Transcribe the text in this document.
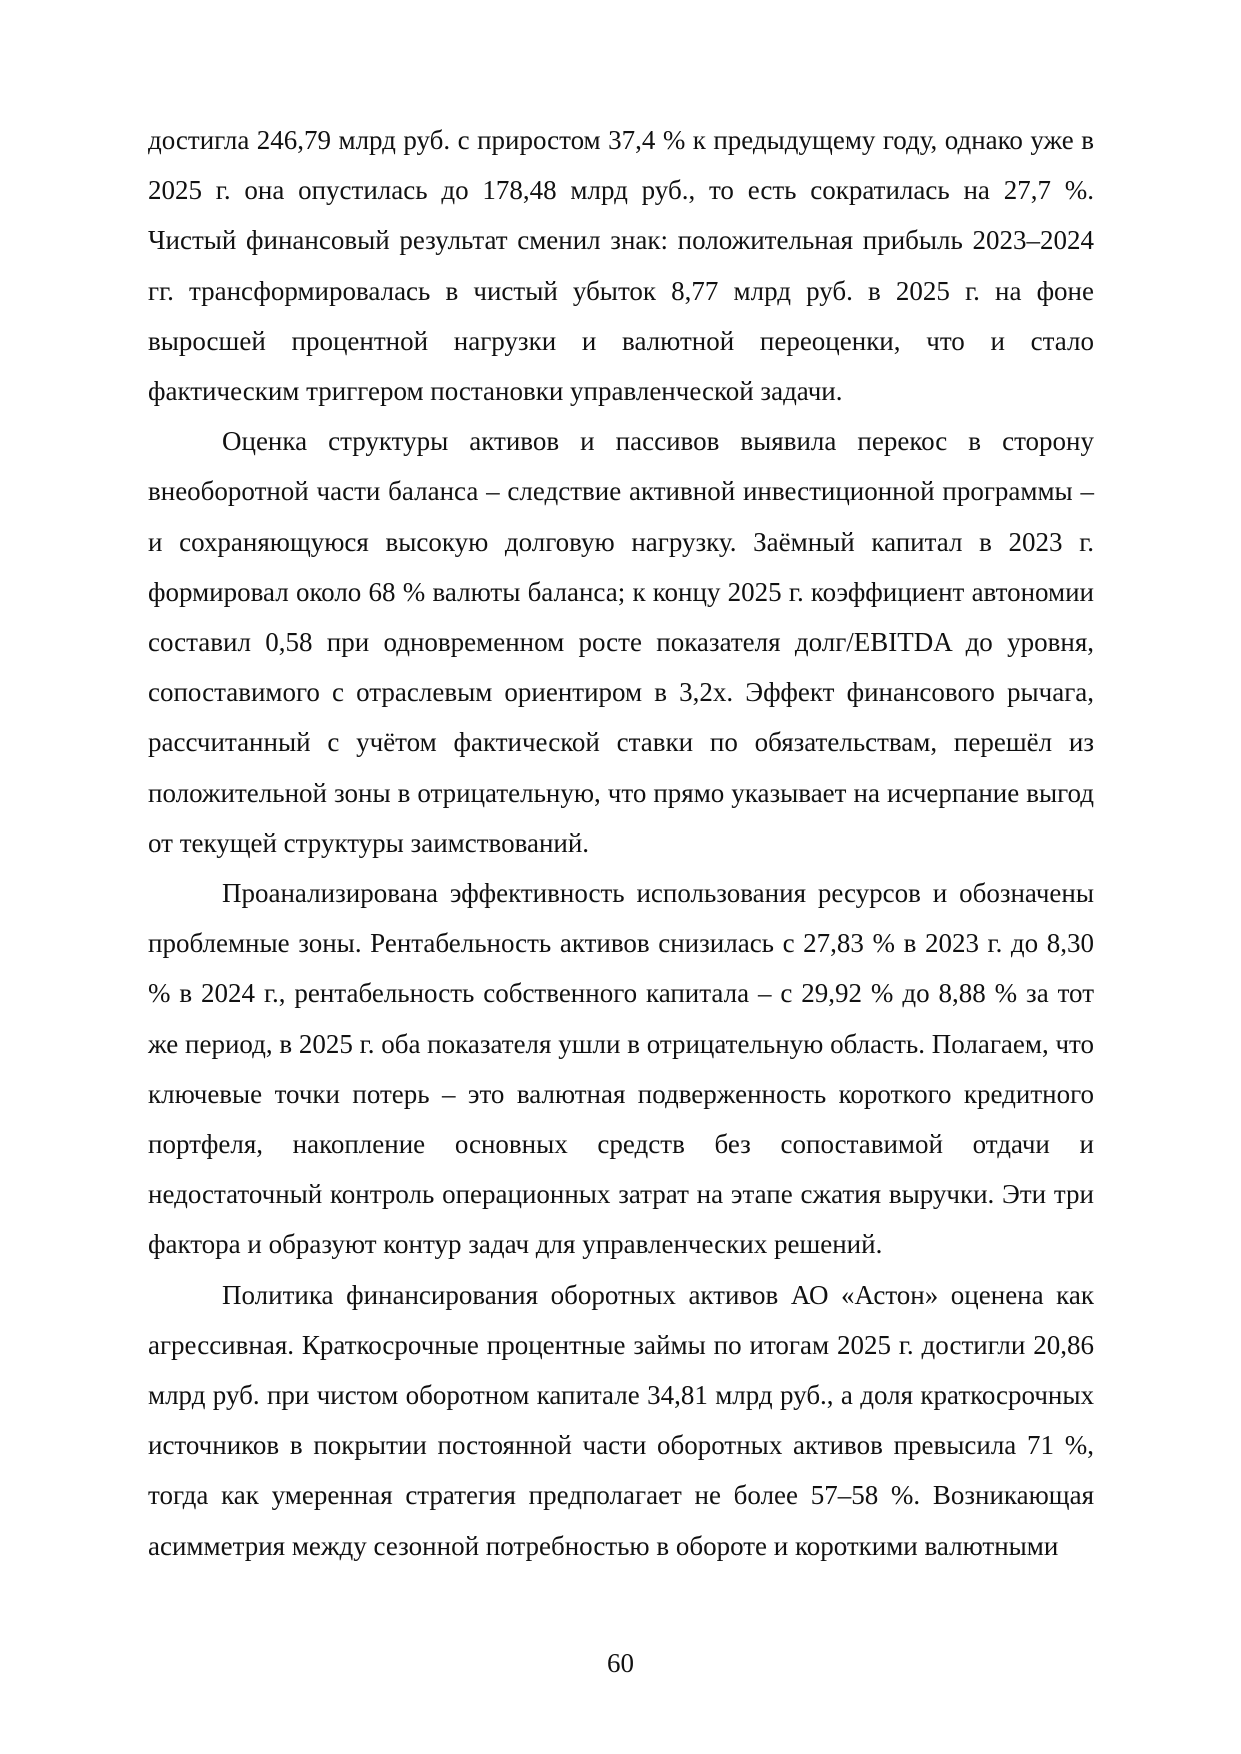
достигла 246,79 млрд руб. с приростом 37,4 % к предыдущему году, однако уже в 2025 г. она опустилась до 178,48 млрд руб., то есть сократилась на 27,7 %. Чистый финансовый результат сменил знак: положительная прибыль 2023–2024 гг. трансформировалась в чистый убыток 8,77 млрд руб. в 2025 г. на фоне выросшей процентной нагрузки и валютной переоценки, что и стало фактическим триггером постановки управленческой задачи.

Оценка структуры активов и пассивов выявила перекос в сторону внеоборотной части баланса – следствие активной инвестиционной программы – и сохраняющуюся высокую долговую нагрузку. Заёмный капитал в 2023 г. формировал около 68 % валюты баланса; к концу 2025 г. коэффициент автономии составил 0,58 при одновременном росте показателя долг/EBITDA до уровня, сопоставимого с отраслевым ориентиром в 3,2х. Эффект финансового рычага, рассчитанный с учётом фактической ставки по обязательствам, перешёл из положительной зоны в отрицательную, что прямо указывает на исчерпание выгод от текущей структуры заимствований.

Проанализирована эффективность использования ресурсов и обозначены проблемные зоны. Рентабельность активов снизилась с 27,83 % в 2023 г. до 8,30 % в 2024 г., рентабельность собственного капитала – с 29,92 % до 8,88 % за тот же период, в 2025 г. оба показателя ушли в отрицательную область. Полагаем, что ключевые точки потерь – это валютная подверженность короткого кредитного портфеля, накопление основных средств без сопоставимой отдачи и недостаточный контроль операционных затрат на этапе сжатия выручки. Эти три фактора и образуют контур задач для управленческих решений.

Политика финансирования оборотных активов АО «Астон» оценена как агрессивная. Краткосрочные процентные займы по итогам 2025 г. достигли 20,86 млрд руб. при чистом оборотном капитале 34,81 млрд руб., а доля краткосрочных источников в покрытии постоянной части оборотных активов превысила 71 %, тогда как умеренная стратегия предполагает не более 57–58 %. Возникающая асимметрия между сезонной потребностью в обороте и короткими валютными

60
